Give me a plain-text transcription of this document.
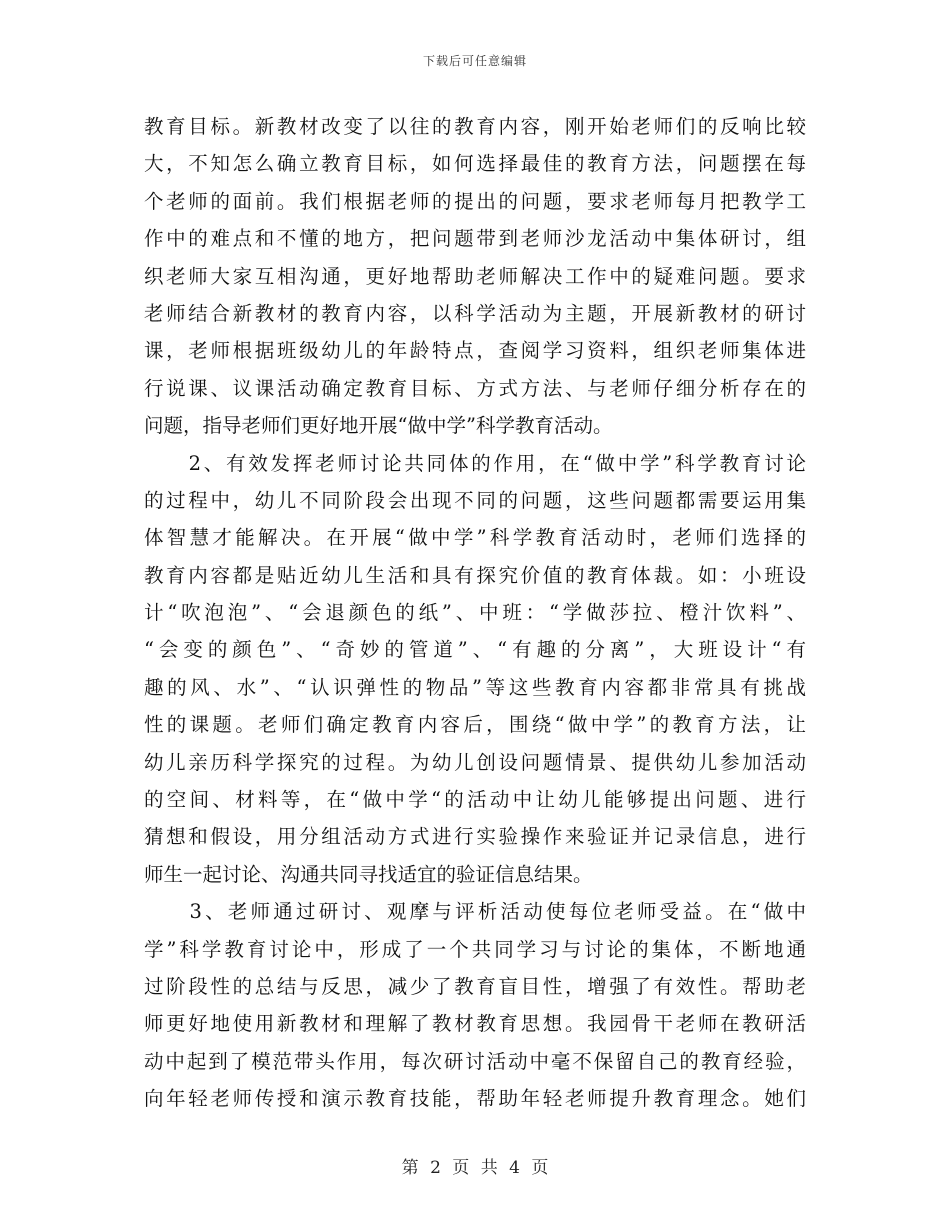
下载后可任意编辑
教育目标。新教材改变了以往的教育内容，刚开始老师们的反响比较
大，不知怎么确立教育目标，如何选择最佳的教育方法，问题摆在每
个老师的面前。我们根据老师的提出的问题，要求老师每月把教学工
作中的难点和不懂的地方，把问题带到老师沙龙活动中集体研讨，组
织老师大家互相沟通，更好地帮助老师解决工作中的疑难问题。要求
老师结合新教材的教育内容，以科学活动为主题，开展新教材的研讨
课，老师根据班级幼儿的年龄特点，查阅学习资料，组织老师集体进
行说课、议课活动确定教育目标、方式方法、与老师仔细分析存在的
问题，指导老师们更好地开展“做中学”科学教育活动。
　　2、有效发挥老师讨论共同体的作用，在“做中学”科学教育讨论
的过程中，幼儿不同阶段会出现不同的问题，这些问题都需要运用集
体智慧才能解决。在开展“做中学”科学教育活动时，老师们选择的
教育内容都是贴近幼儿生活和具有探究价值的教育体裁。如：小班设
计“吹泡泡”、“会退颜色的纸”、中班：“学做莎拉、橙汁饮料”、
“会变的颜色”、“奇妙的管道”、“有趣的分离”，大班设计“有
趣的风、水”、“认识弹性的物品”等这些教育内容都非常具有挑战
性的课题。老师们确定教育内容后，围绕“做中学”的教育方法，让
幼儿亲历科学探究的过程。为幼儿创设问题情景、提供幼儿参加活动
的空间、材料等，在“做中学“的活动中让幼儿能够提出问题、进行
猜想和假设，用分组活动方式进行实验操作来验证并记录信息，进行
师生一起讨论、沟通共同寻找适宜的验证信息结果。
　　3、老师通过研讨、观摩与评析活动使每位老师受益。在“做中
学”科学教育讨论中，形成了一个共同学习与讨论的集体，不断地通
过阶段性的总结与反思，减少了教育盲目性，增强了有效性。帮助老
师更好地使用新教材和理解了教材教育思想。我园骨干老师在教研活
动中起到了模范带头作用，每次研讨活动中毫不保留自己的教育经验，
向年轻老师传授和演示教育技能，帮助年轻老师提升教育理念。她们
第 2 页 共 4 页
